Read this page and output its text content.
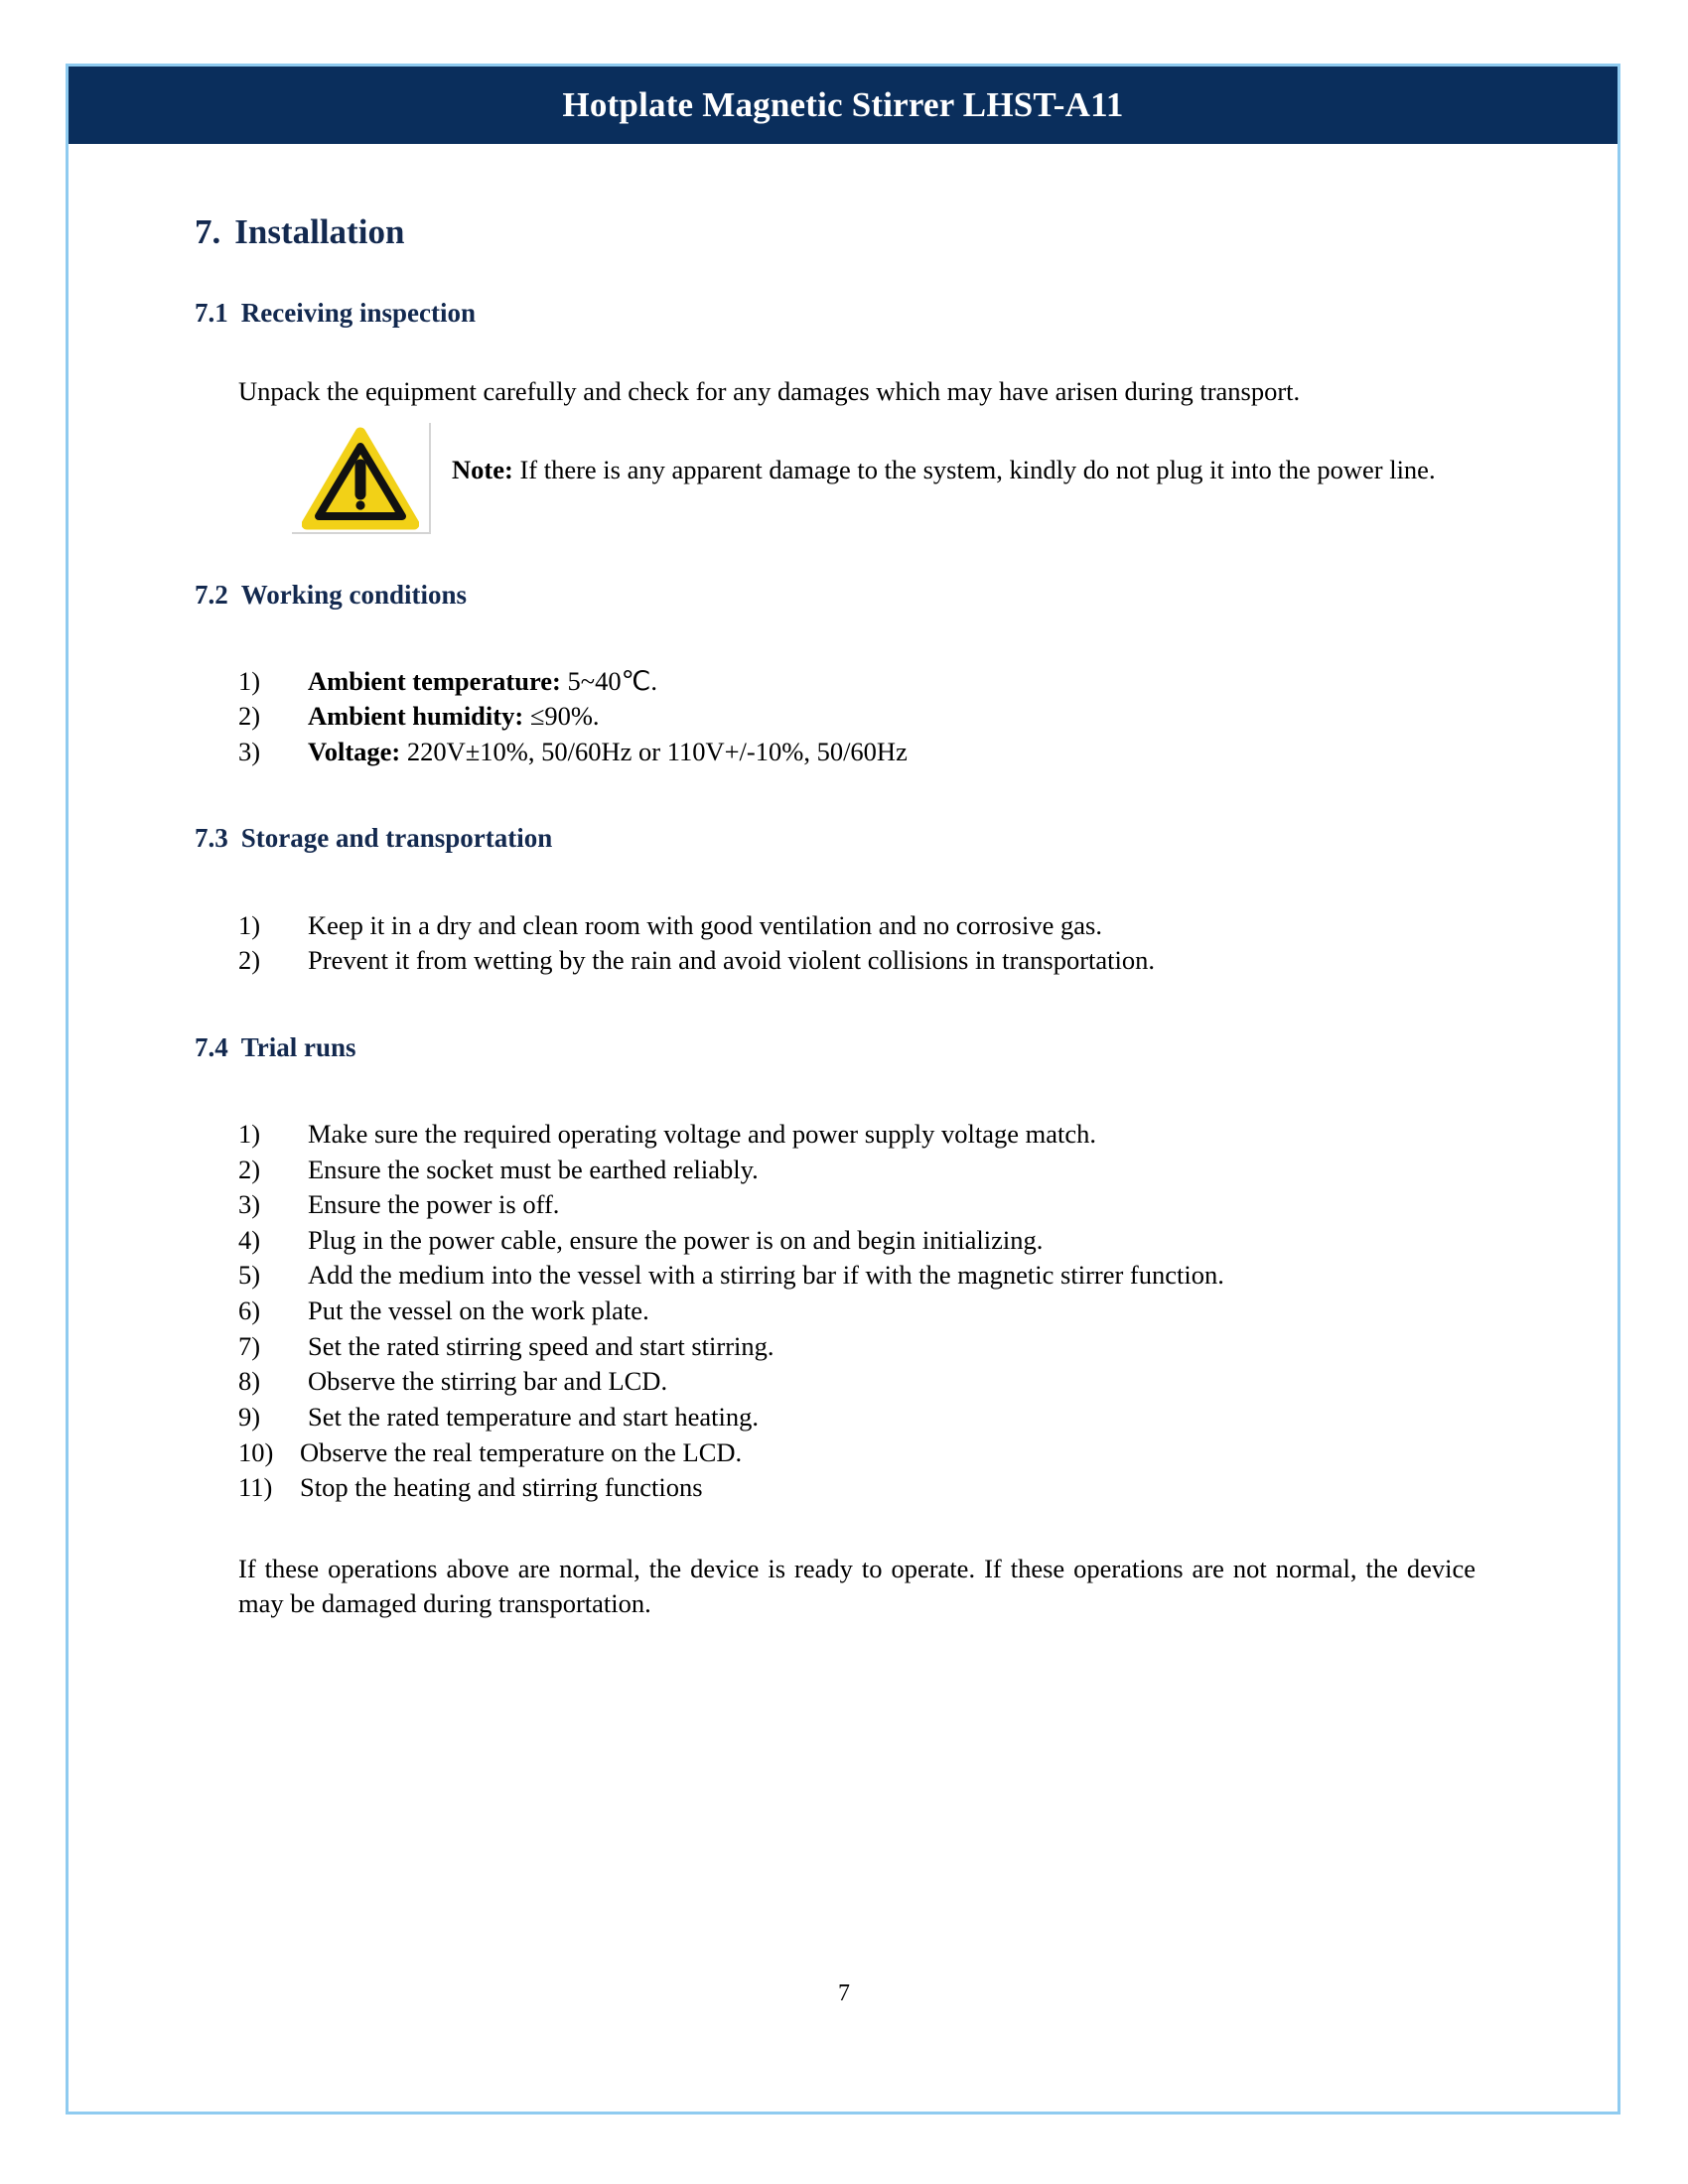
Hotplate Magnetic Stirrer LHST-A11
7. Installation
7.1 Receiving inspection

Unpack the equipment carefully and check for any damages which may have arisen during transport.

Note: If there is any apparent damage to the system, kindly do not plug it into the power line.
7.2 Working conditions
1)	Ambient temperature: 5~40℃.
2)	Ambient humidity: ≤90%.
3)	Voltage: 220V±10%, 50/60Hz or 110V+/-10%, 50/60Hz
7.3 Storage and transportation
1)	Keep it in a dry and clean room with good ventilation and no corrosive gas.
2)	Prevent it from wetting by the rain and avoid violent collisions in transportation.
7.4 Trial runs
1)	Make sure the required operating voltage and power supply voltage match.
2)	Ensure the socket must be earthed reliably.
3)	Ensure the power is off.
4)	Plug in the power cable, ensure the power is on and begin initializing.
5)	Add the medium into the vessel with a stirring bar if with the magnetic stirrer function.
6)	Put the vessel on the work plate.
7)	Set the rated stirring speed and start stirring.
8)	Observe the stirring bar and LCD.
9)	Set the rated temperature and start heating.
10)	Observe the real temperature on the LCD.
11)	Stop the heating and stirring functions

If these operations above are normal, the device is ready to operate. If these operations are not normal, the device may be damaged during transportation.

7
